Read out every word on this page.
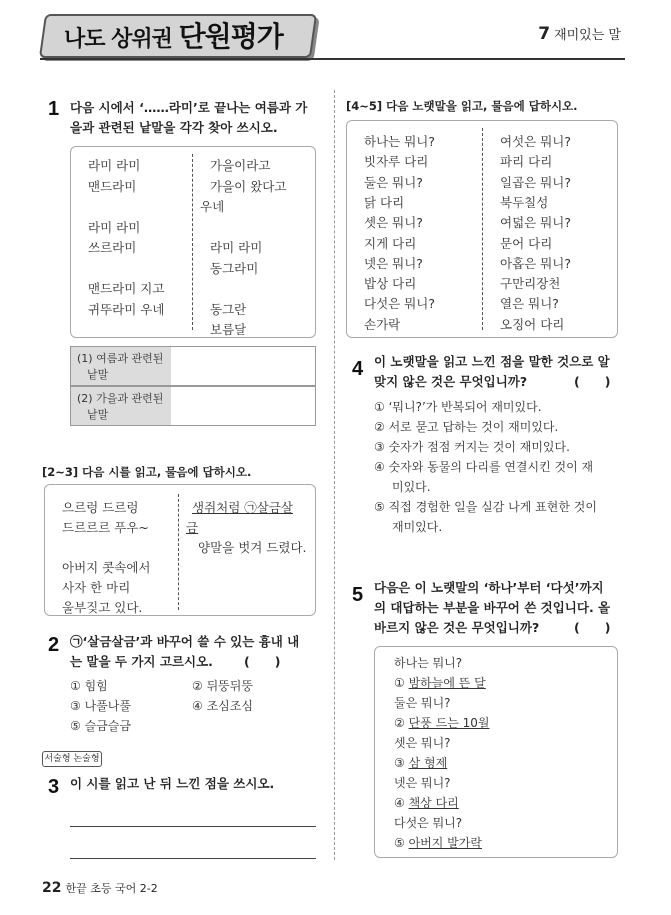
나도 상위권 단원평가	7 재미있는 말
1 다음 시에서 ‘……라미’로 끝나는 여름과 가
을과 관련된 낱말을 각각 찾아 쓰시오.
라미 라미
맨드라미
라미 라미
쓰르라미
맨드라미 지고
귀뚜라미 우네
가을이라고
가을이 왔다고
우네
라미 라미
동그라미
동그란
보름달
(1) 여름과 관련된
낱말
(2) 가을과 관련된
낱말
[2~3] 다음 시를 읽고, 물음에 답하시오.
으르렁 드르렁
드르르르 푸우~
아버지 콧속에서
사자 한 마리
울부짖고 있다.
생쥐처럼 ㉠살금살
금
양말을 벗겨 드렸다.
2 ㉠‘살금살금’과 바꾸어 쓸 수 있는 흉내 내
는 말을 두 가지 고르시오.	(　　)
① 힘힘	② 뒤뚱뒤뚱
③ 나풀나풀	④ 조심조심
⑤ 슬금슬금
서술형 논술형
3 이 시를 읽고 난 뒤 느낀 점을 쓰시오.
[4~5] 다음 노랫말을 읽고, 물음에 답하시오.
하나는 뭐니?
빗자루 다리
둘은 뭐니?
닭 다리
셋은 뭐니?
지게 다리
넷은 뭐니?
밥상 다리
다섯은 뭐니?
손가락
여섯은 뭐니?
파리 다리
일곱은 뭐니?
북두칠성
여덟은 뭐니?
문어 다리
아홉은 뭐니?
구만리장천
열은 뭐니?
오징어 다리
4 이 노랫말을 읽고 느낀 점을 말한 것으로 알
맞지 않은 것은 무엇입니까?	(　　)
① ‘뭐니?’가 반복되어 재미있다.
② 서로 묻고 답하는 것이 재미있다.
③ 숫자가 점점 커지는 것이 재미있다.
④ 숫자와 동물의 다리를 연결시킨 것이 재
미있다.
⑤ 직접 경험한 일을 실감 나게 표현한 것이
재미있다.
5 다음은 이 노랫말의 ‘하나’부터 ‘다섯’까지
의 대답하는 부분을 바꾸어 쓴 것입니다. 올
바르지 않은 것은 무엇입니까?	(　　)
하나는 뭐니?
① 밤하늘에 뜬 달
둘은 뭐니?
② 단풍 드는 10월
셋은 뭐니?
③ 삼 형제
넷은 뭐니?
④ 책상 다리
다섯은 뭐니?
⑤ 아버지 발가락
22 한끝 초등 국어 2-2
